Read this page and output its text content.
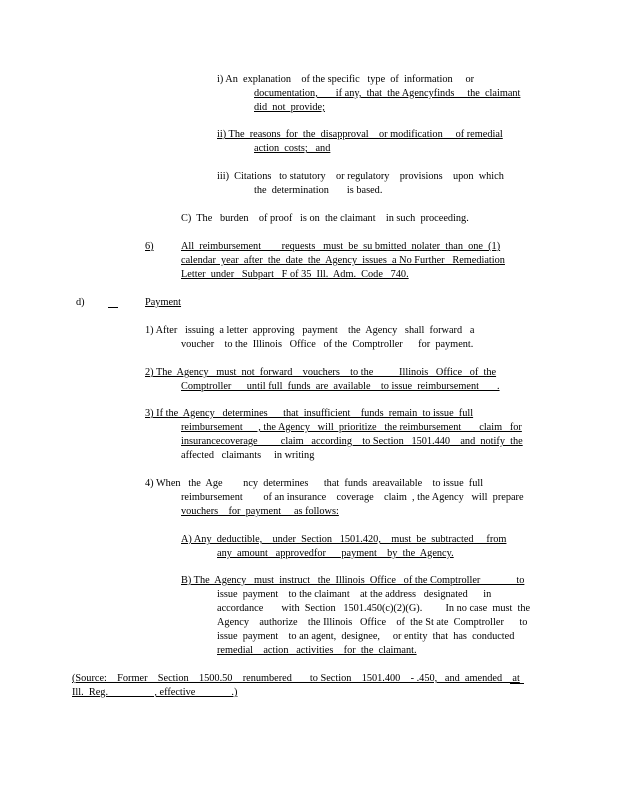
i) An  explanation    of the specific   type  of  information     or
documentation,       if any,  that  the Agencyfinds     the  claimant
did  not  provide;
ii) The  reasons  for  the  disapproval    or modification     of remedial
action  costs;   and
iii)  Citations   to statutory    or regulatory    provisions    upon  which
the  determination       is based.
C)  The   burden    of proof   is on  the claimant    in such  proceeding.
6)	All  reimbursement        requests   must  be  su bmitted  nolater  than  one  (1)
calendar  year  after  the  date  the  Agency  issues  a No Further   Remediation
Letter  under   Subpart   F of 35  Ill.  Adm.  Code   740.
d)	Payment
1) After   issuing  a letter  approving   payment    the  Agency   shall  forward   a
voucher    to the  Illinois   Office   of the  Comptroller      for  payment.
2) The  Agency   must  not  forward    vouchers    to the          Illinois   Office   of  the
Comptroller      until full  funds  are  available    to issue  reimbursement       .
3) If the  Agency   determines      that  insufficient    funds  remain  to issue  full
reimbursement      , the Agency   will  prioritize   the reimbursement       claim   for
insurancecoverage         claim   according    to Section   1501.440    and  notify  the
affected   claimants     in writing
4) When   the  Age        ncy  determines      that  funds  areavailable    to issue  full
reimbursement        of an insurance    coverage    claim  , the Agency   will  prepare
vouchers    for  payment     as follows:
A) Any  deductible,    under  Section   1501.420,    must  be  subtracted     from
any  amount   approvedfor      payment    by  the  Agency.
B) The  Agency   must  instruct   the  Illinois  Office   of the Comptroller              to
issue  payment    to the claimant    at the address   designated      in
accordance       with  Section   1501.450(c)(2)(G).         In no case  must  the
Agency    authorize    the Illinois   Office    of  the St ate  Comptroller      to
issue  payment    to an agent,  designee,     or entity  that  has  conducted
remedial    action   activities    for  the  claimant.
(Source:    Former    Section    1500.50    renumbered       to Section    1501.400    - .450,   and  amended    at
Ill.  Reg.                  , effective              .)
